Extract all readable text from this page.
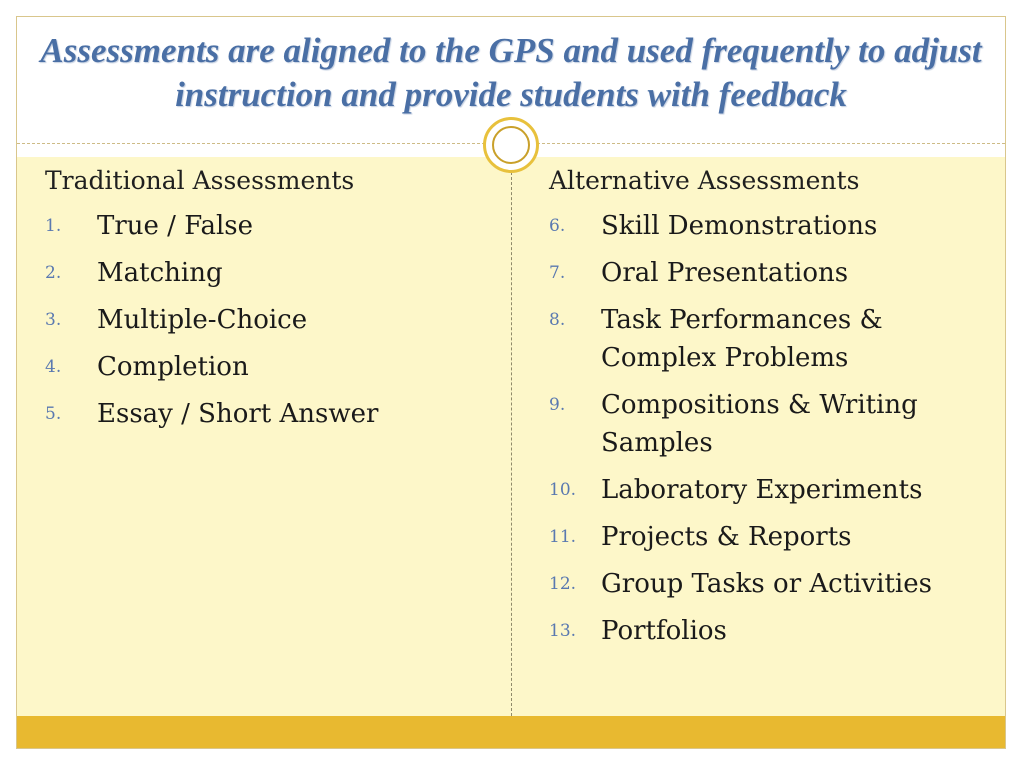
Assessments are aligned to the GPS and used frequently to adjust instruction and provide students with feedback

Traditional Assessments

1.	True / False
2.	Matching
3.	Multiple-Choice
4.	Completion
5.	Essay / Short Answer

Alternative Assessments

6.	Skill Demonstrations
7.	Oral Presentations
8.	Task Performances & Complex Problems
9.	Compositions & Writing Samples
10. Laboratory Experiments
11. Projects & Reports
12. Group Tasks or Activities
13. Portfolios
